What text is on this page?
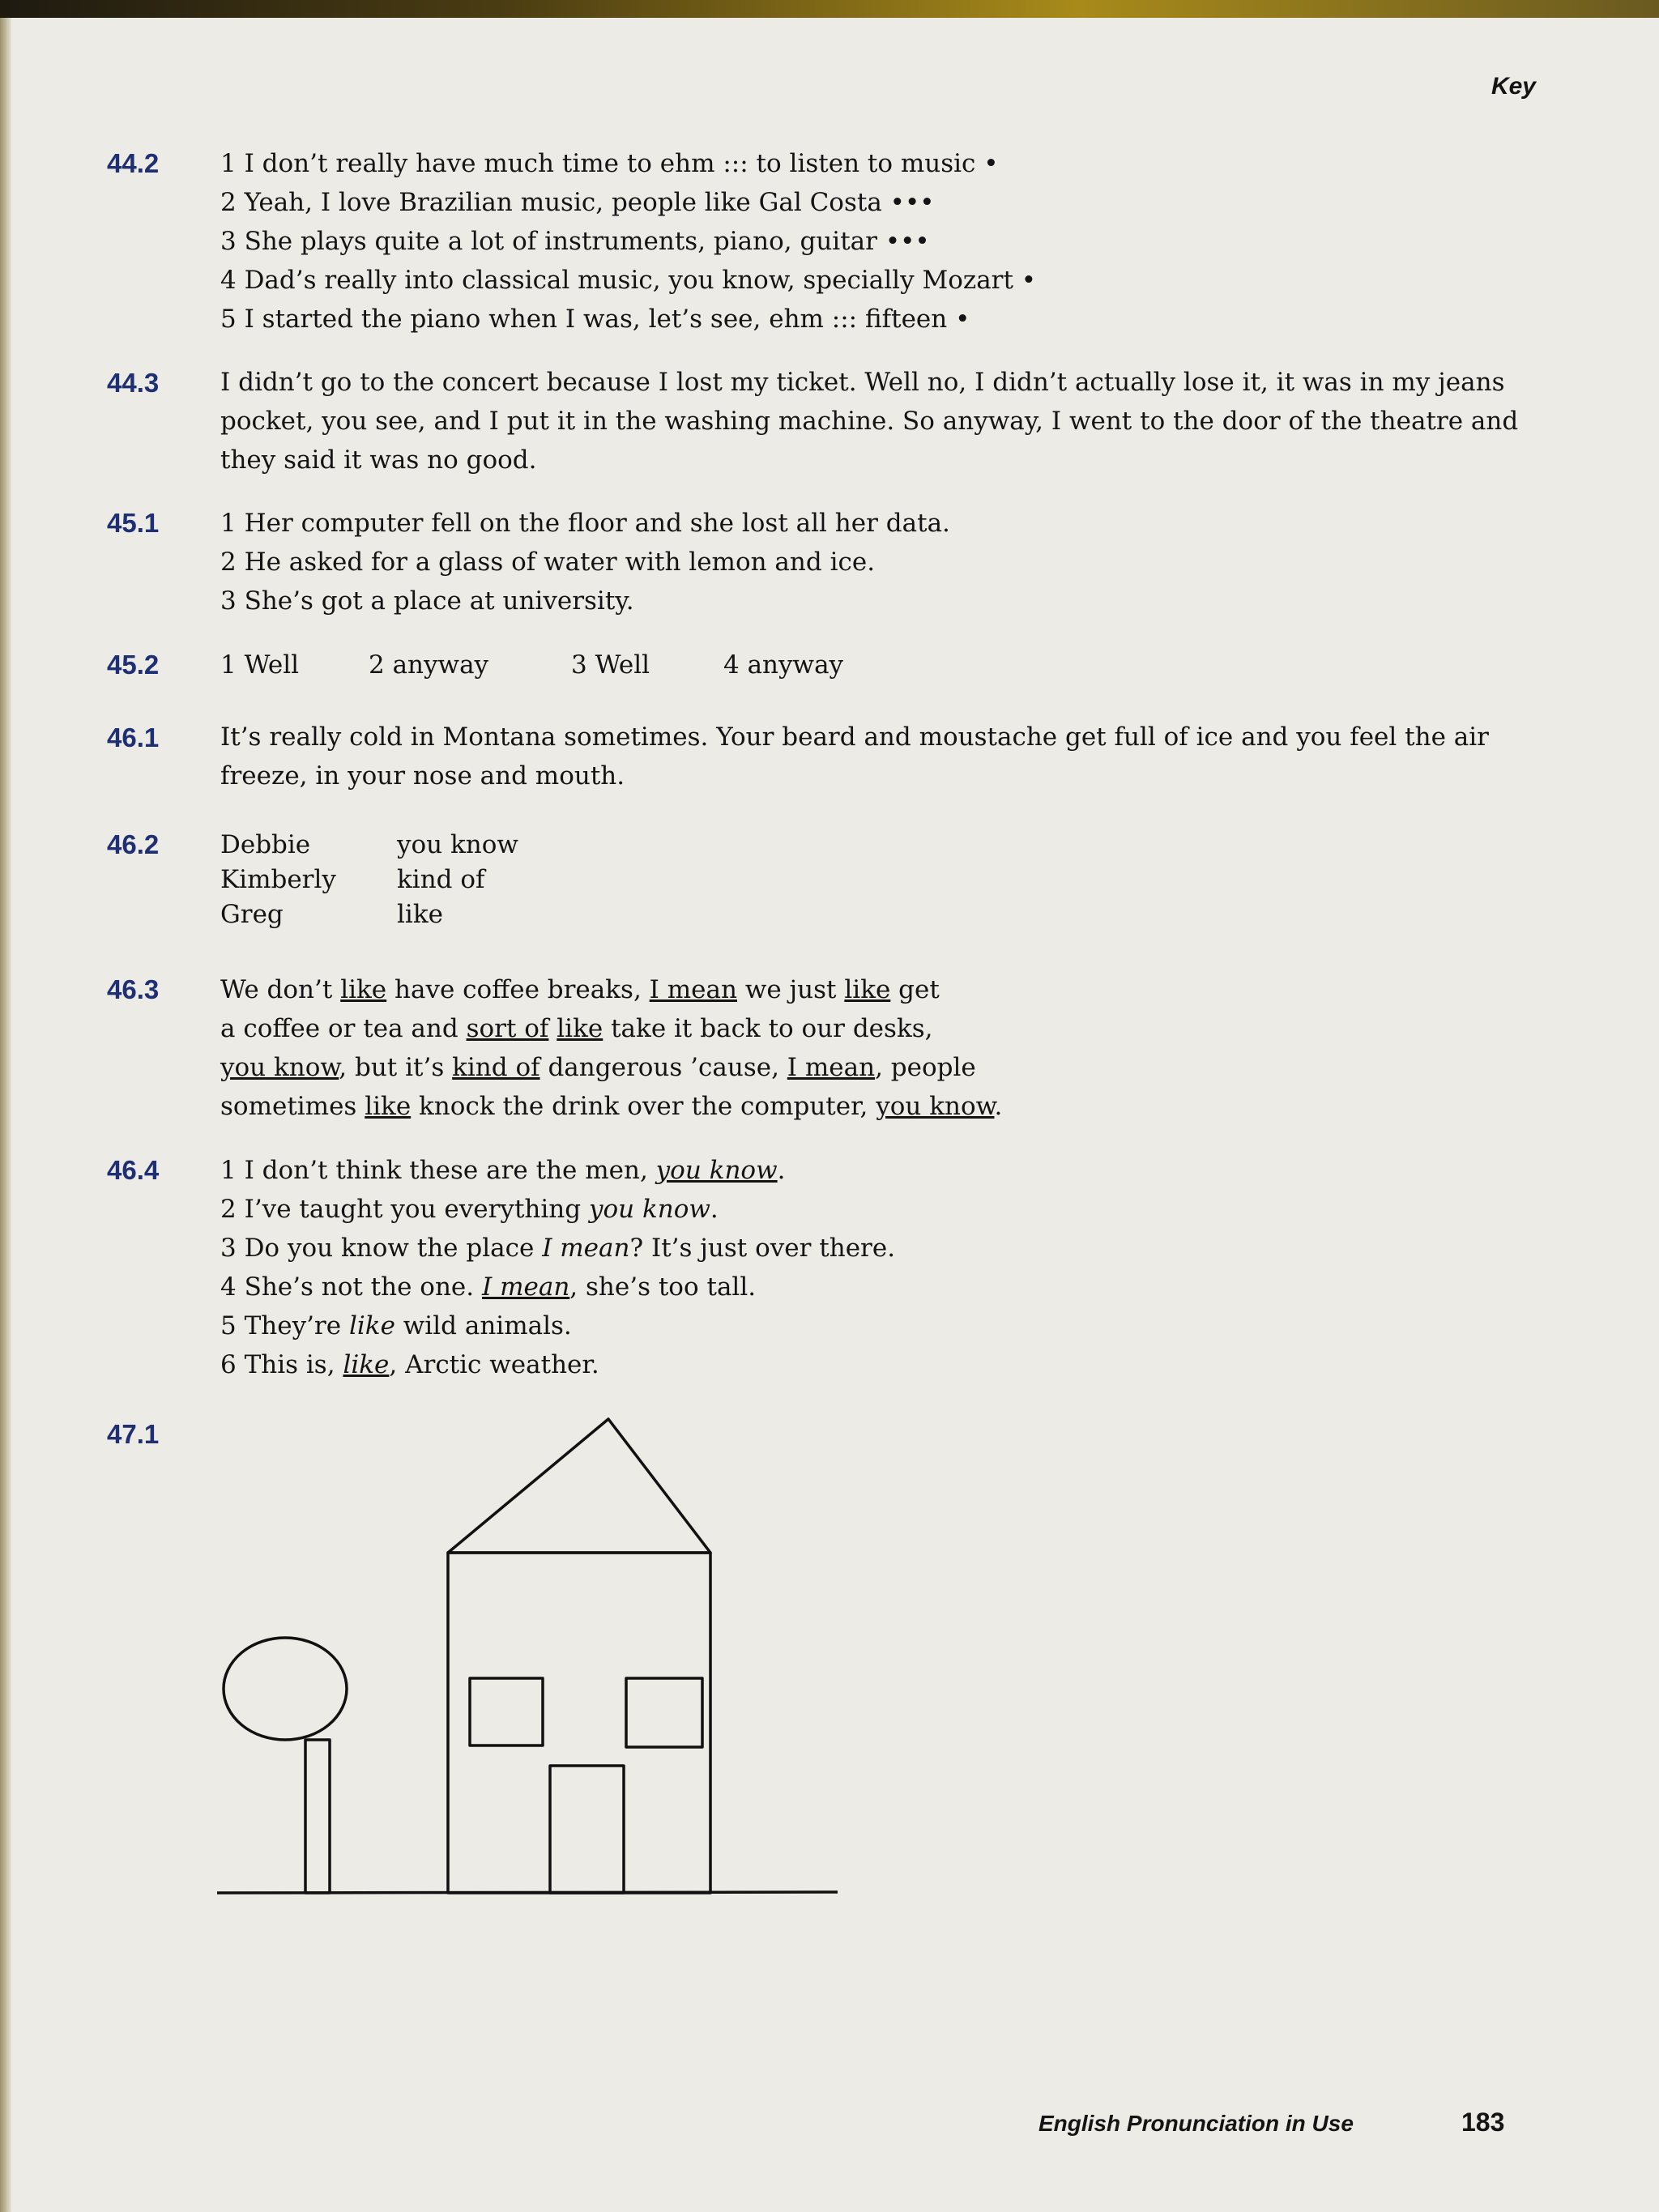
Key
44.2 1 I don’t really have much time to ehm ::: to listen to music •
2 Yeah, I love Brazilian music, people like Gal Costa •••
3 She plays quite a lot of instruments, piano, guitar •••
4 Dad’s really into classical music, you know, specially Mozart •
5 I started the piano when I was, let’s see, ehm ::: fifteen •
44.3 I didn’t go to the concert because I lost my ticket. Well no, I didn’t actually lose it, it was in my jeans pocket, you see, and I put it in the washing machine. So anyway, I went to the door of the theatre and they said it was no good.
45.1 1 Her computer fell on the floor and she lost all her data.
2 He asked for a glass of water with lemon and ice.
3 She’s got a place at university.
45.2 1 Well	2 anyway	3 Well	4 anyway
46.1 It’s really cold in Montana sometimes. Your beard and moustache get full of ice and you feel the air freeze, in your nose and mouth.
46.2 Debbie	you know
Kimberly kind of
Greg	like
46.3 We don’t like have coffee breaks, I mean we just like get
a coffee or tea and sort of like take it back to our desks,
you know, but it’s kind of dangerous ’cause, I mean, people
sometimes like knock the drink over the computer, you know.
46.4 1 I don’t think these are the men, you know.
2 I’ve taught you everything you know.
3 Do you know the place I mean? It’s just over there.
4 She’s not the one. I mean, she’s too tall.
5 They’re like wild animals.
6 This is, like, Arctic weather.
47.1
English Pronunciation in Use	183
